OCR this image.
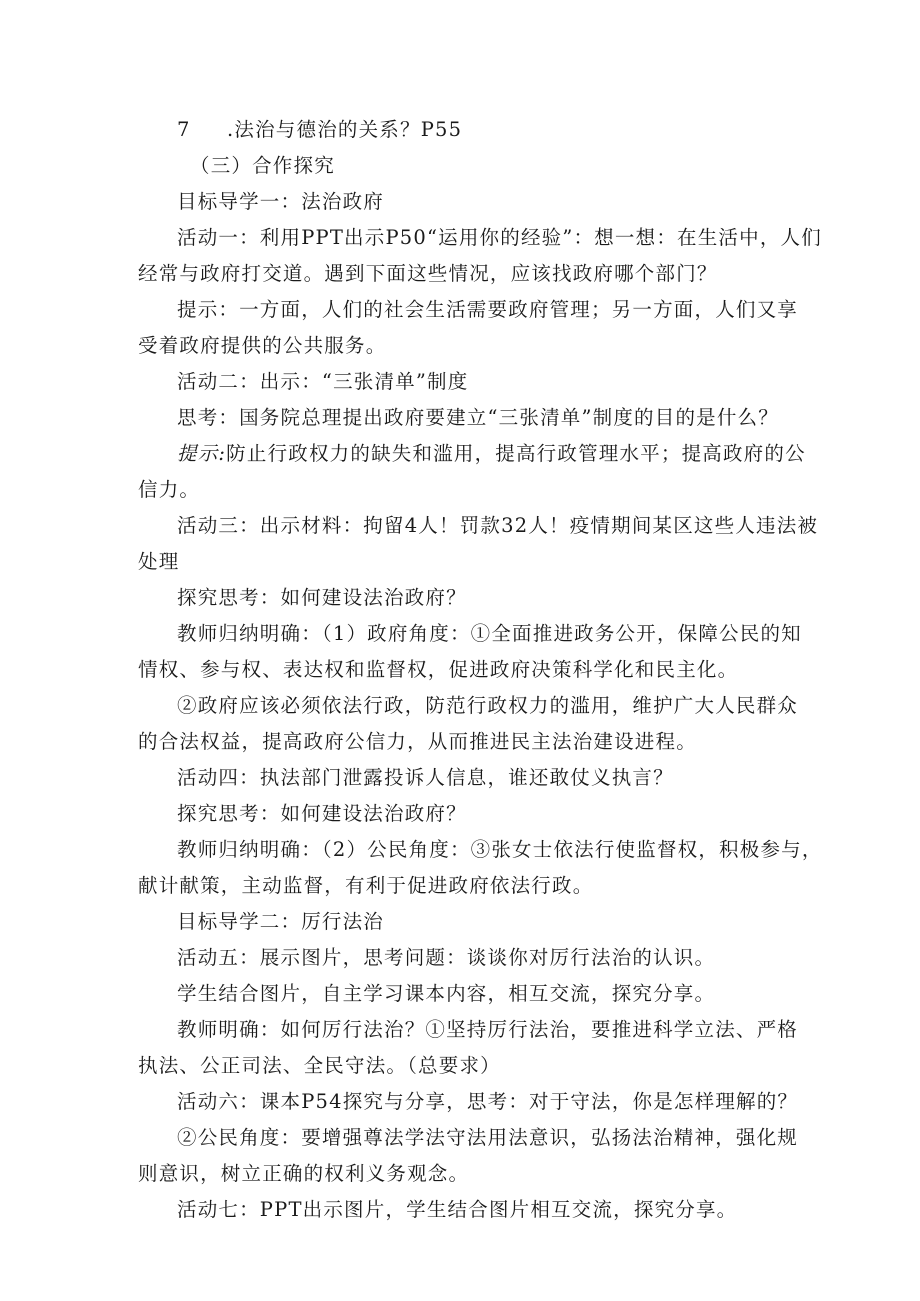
7 .法治与德治的关系？P55
（三）合作探究
目标导学一：法治政府
活动一：利用PPT出示P50“运用你的经验”：想一想：在生活中，人们
经常与政府打交道。遇到下面这些情况，应该找政府哪个部门？
提示：一方面，人们的社会生活需要政府管理；另一方面，人们又享
受着政府提供的公共服务。
活动二：出示：“三张清单”制度
思考：国务院总理提出政府要建立“三张清单”制度的目的是什么？
提示:防止行政权力的缺失和滥用，提高行政管理水平；提高政府的公
信力。
活动三：出示材料：拘留4人！罚款32人！疫情期间某区这些人违法被
处理
探究思考：如何建设法治政府？
教师归纳明确：（1）政府角度：①全面推进政务公开，保障公民的知
情权、参与权、表达权和监督权，促进政府决策科学化和民主化。
②政府应该必须依法行政，防范行政权力的滥用，维护广大人民群众
的合法权益，提高政府公信力，从而推进民主法治建设进程。
活动四：执法部门泄露投诉人信息，谁还敢仗义执言？
探究思考：如何建设法治政府？
教师归纳明确：（2）公民角度：③张女士依法行使监督权，积极参与，
献计献策，主动监督，有利于促进政府依法行政。
目标导学二：厉行法治
活动五：展示图片，思考问题：谈谈你对厉行法治的认识。
学生结合图片，自主学习课本内容，相互交流，探究分享。
教师明确：如何厉行法治？①坚持厉行法治，要推进科学立法、严格
执法、公正司法、全民守法。（总要求）
活动六：课本P54探究与分享，思考：对于守法，你是怎样理解的？
②公民角度：要增强尊法学法守法用法意识，弘扬法治精神，强化规
则意识，树立正确的权利义务观念。
活动七：PPT出示图片，学生结合图片相互交流，探究分享。
